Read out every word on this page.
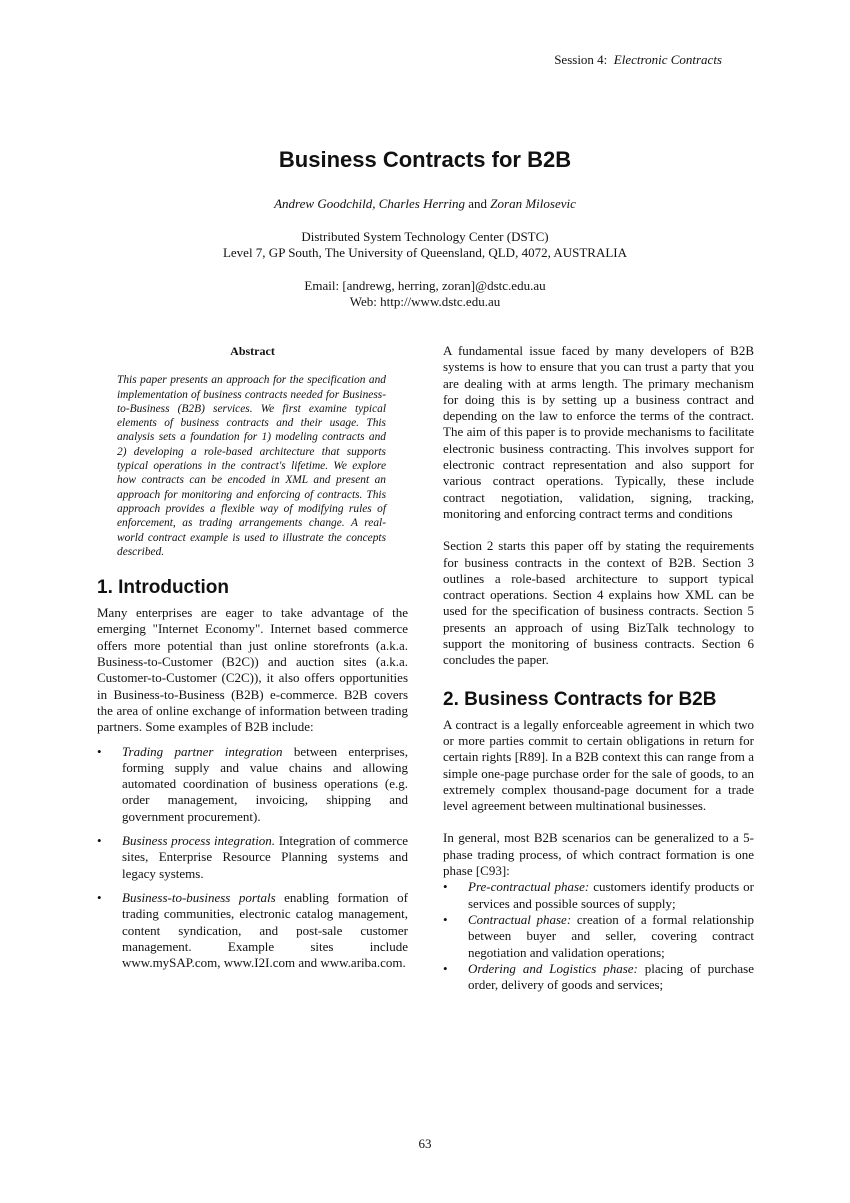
Session 4: Electronic Contracts
Business Contracts for B2B
Andrew Goodchild, Charles Herring and Zoran Milosevic
Distributed System Technology Center (DSTC)
Level 7, GP South, The University of Queensland, QLD, 4072, AUSTRALIA
Email: [andrewg, herring, zoran]@dstc.edu.au
Web: http://www.dstc.edu.au
Abstract

This paper presents an approach for the specification and implementation of business contracts needed for Business-to-Business (B2B) services. We first examine typical elements of business contracts and their usage. This analysis sets a foundation for 1) modeling contracts and 2) developing a role-based architecture that supports typical operations in the contract's lifetime. We explore how contracts can be encoded in XML and present an approach for monitoring and enforcing of contracts. This approach provides a flexible way of modifying rules of enforcement, as trading arrangements change. A real-world contract example is used to illustrate the concepts described.

1. Introduction

Many enterprises are eager to take advantage of the emerging "Internet Economy". Internet based commerce offers more potential than just online storefronts (a.k.a. Business-to-Customer (B2C)) and auction sites (a.k.a. Customer-to-Customer (C2C)), it also offers opportunities in Business-to-Business (B2B) e-commerce. B2B covers the area of online exchange of information between trading partners. Some examples of B2B include:

• Trading partner integration between enterprises, forming supply and value chains and allowing automated coordination of business operations (e.g. order management, invoicing, shipping and government procurement).
• Business process integration. Integration of commerce sites, Enterprise Resource Planning systems and legacy systems.
• Business-to-business portals enabling formation of trading communities, electronic catalog management, content syndication, and post-sale customer management. Example sites include www.mySAP.com, www.I2I.com and www.ariba.com.

A fundamental issue faced by many developers of B2B systems is how to ensure that you can trust a party that you are dealing with at arms length. The primary mechanism for doing this is by setting up a business contract and depending on the law to enforce the terms of the contract. The aim of this paper is to provide mechanisms to facilitate electronic business contracting. This involves support for electronic contract representation and also support for various contract operations. Typically, these include contract negotiation, validation, signing, tracking, monitoring and enforcing contract terms and conditions

Section 2 starts this paper off by stating the requirements for business contracts in the context of B2B. Section 3 outlines a role-based architecture to support typical contract operations. Section 4 explains how XML can be used for the specification of business contracts. Section 5 presents an approach of using BizTalk technology to support the monitoring of business contracts. Section 6 concludes the paper.

2. Business Contracts for B2B

A contract is a legally enforceable agreement in which two or more parties commit to certain obligations in return for certain rights [R89]. In a B2B context this can range from a simple one-page purchase order for the sale of goods, to an extremely complex thousand-page document for a trade level agreement between multinational businesses.

In general, most B2B scenarios can be generalized to a 5-phase trading process, of which contract formation is one phase [C93]:

• Pre-contractual phase: customers identify products or services and possible sources of supply;
• Contractual phase: creation of a formal relationship between buyer and seller, covering contract negotiation and validation operations;
• Ordering and Logistics phase: placing of purchase order, delivery of goods and services;
63
